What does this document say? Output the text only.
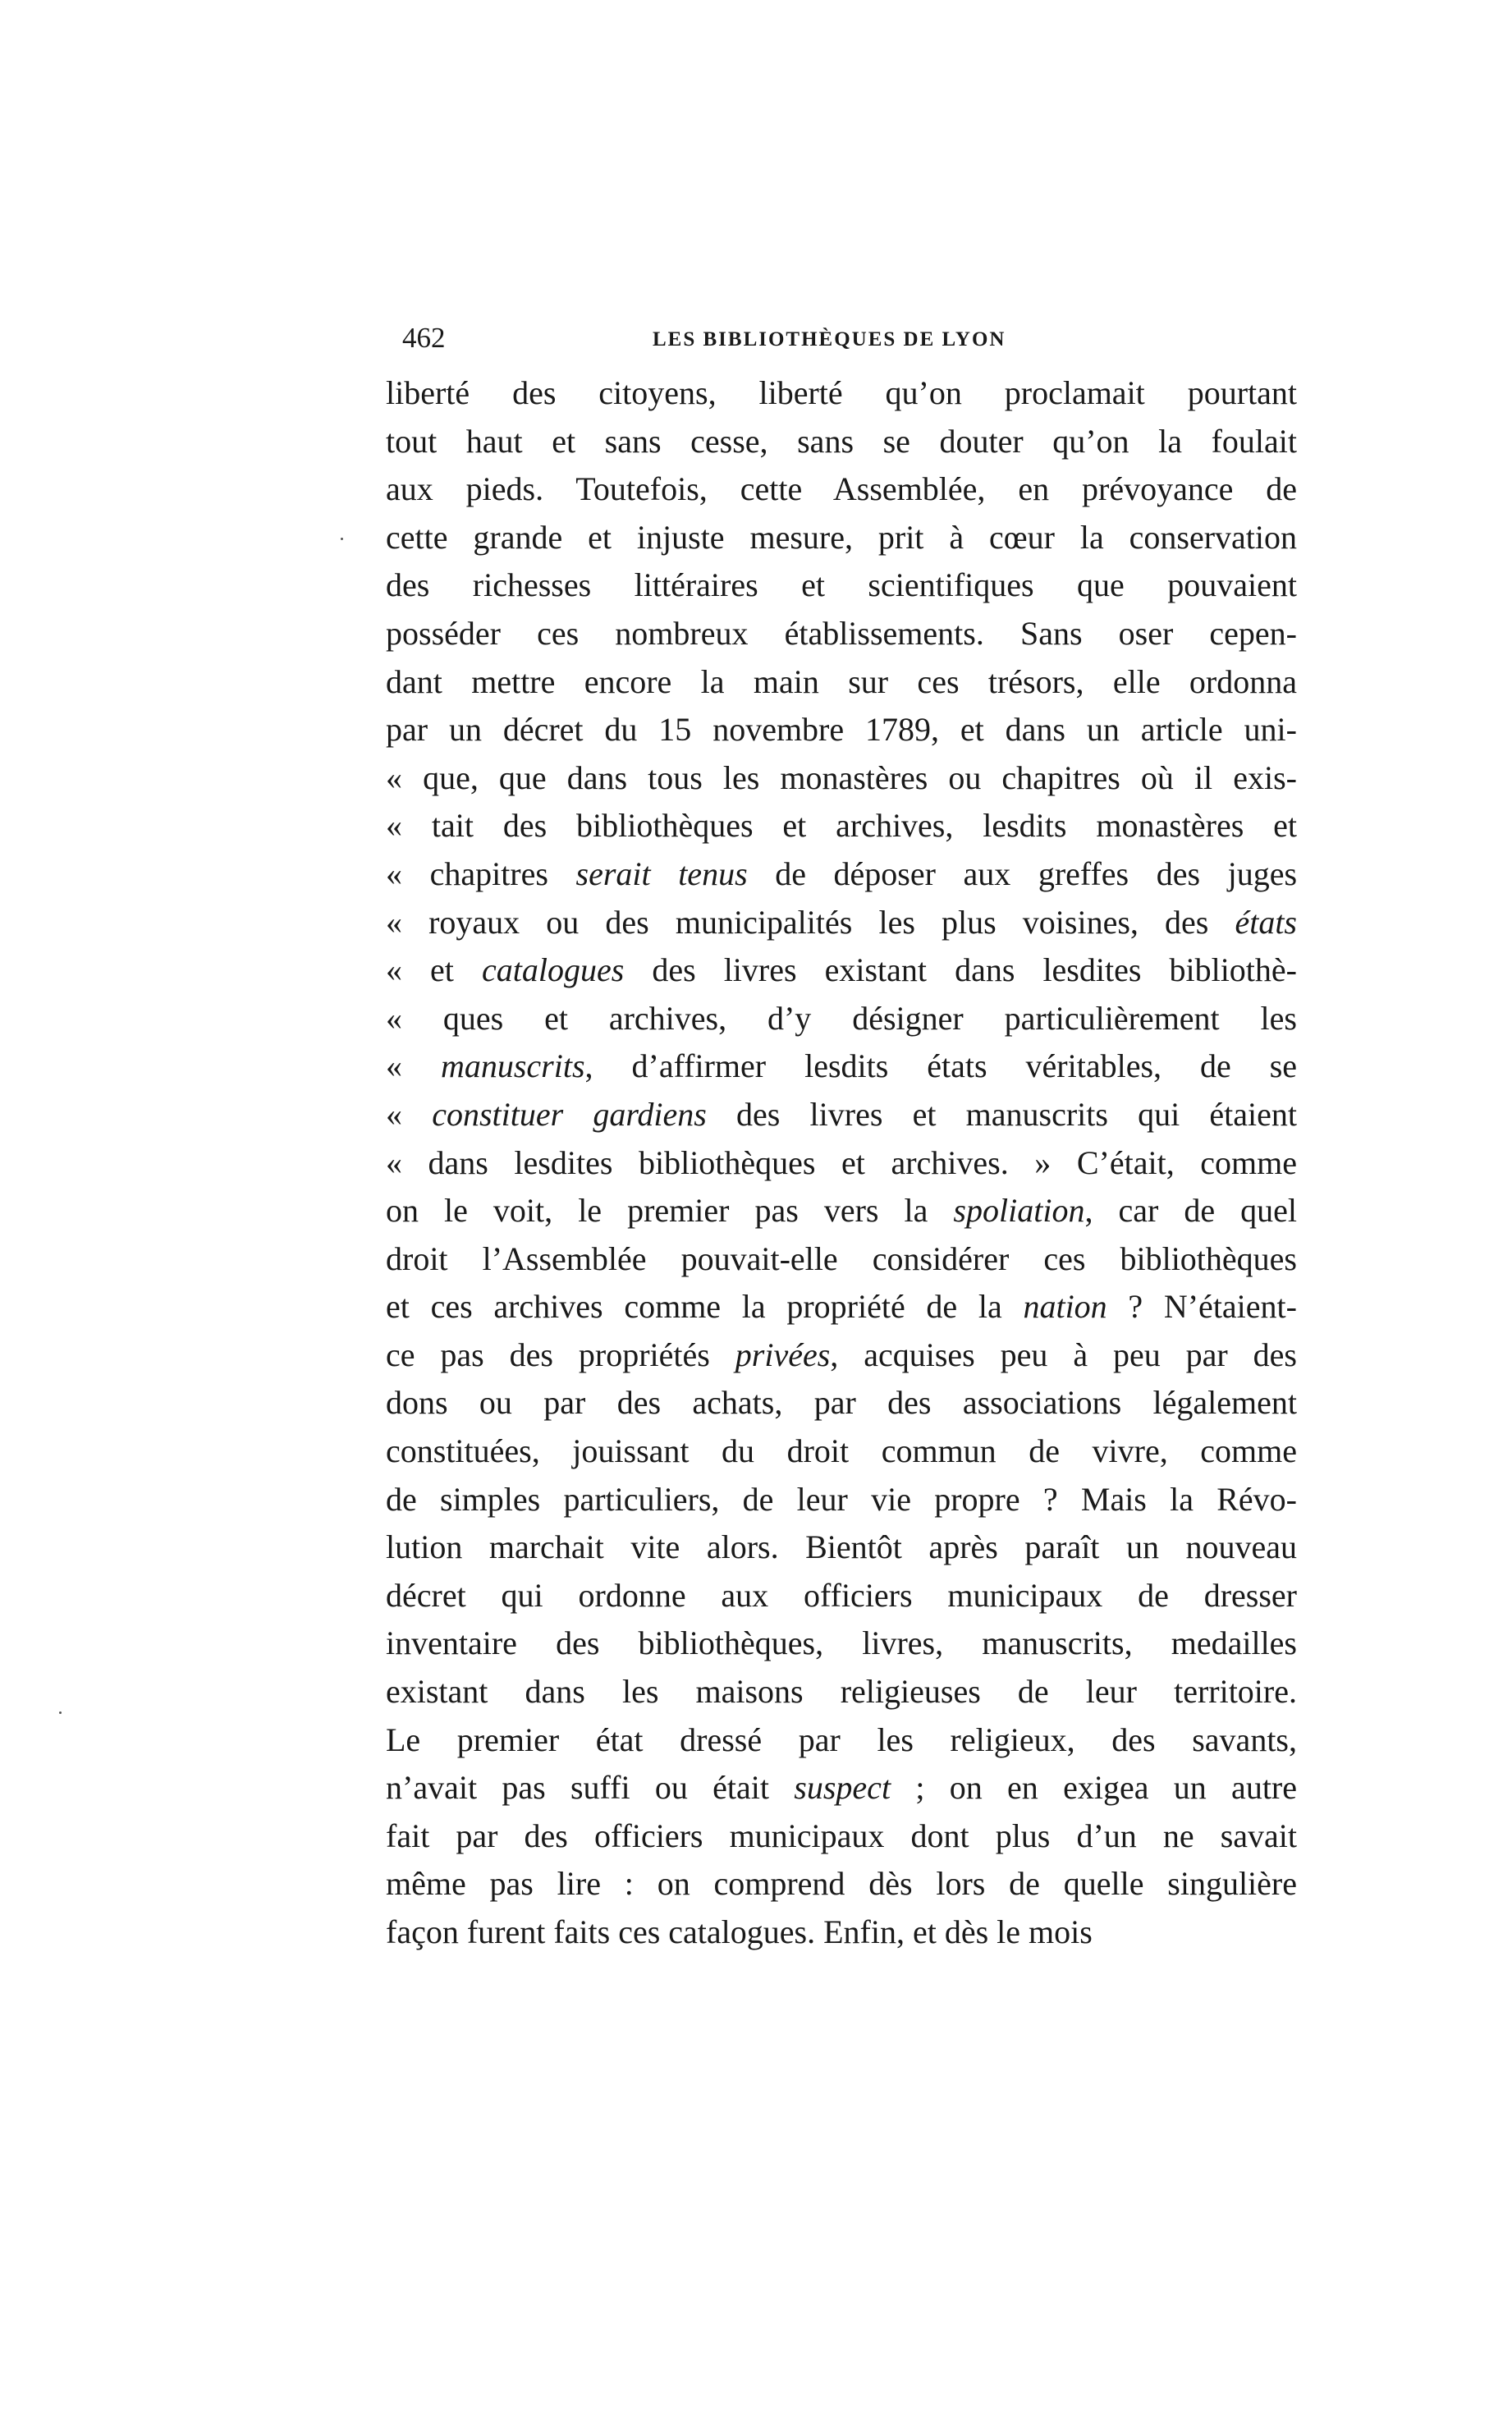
462	LES BIBLIOTHÈQUES DE LYON
liberté des citoyens, liberté qu’on proclamait pourtant
tout haut et sans cesse, sans se douter qu’on la foulait
aux pieds. Toutefois, cette Assemblée, en prévoyance de
cette grande et injuste mesure, prit à cœur la conservation
des richesses littéraires et scientifiques que pouvaient
posséder ces nombreux établissements. Sans oser cepen-
dant mettre encore la main sur ces trésors, elle ordonna
par un décret du 15 novembre 1789, et dans un article uni-
« que, que dans tous les monastères ou chapitres où il exis-
« tait des bibliothèques et archives, lesdits monastères et
« chapitres serait tenus de déposer aux greffes des juges
« royaux ou des municipalités les plus voisines, des états
« et catalogues des livres existant dans lesdites bibliothè-
« ques et archives, d’y désigner particulièrement les
« manuscrits, d’affirmer lesdits états véritables, de se
« constituer gardiens des livres et manuscrits qui étaient
« dans lesdites bibliothèques et archives. » C’était, comme
on le voit, le premier pas vers la spoliation, car de quel
droit l’Assemblée pouvait-elle considérer ces bibliothèques
et ces archives comme la propriété de la nation ? N’étaient-
ce pas des propriétés privées, acquises peu à peu par des
dons ou par des achats, par des associations légalement
constituées, jouissant du droit commun de vivre, comme
de simples particuliers, de leur vie propre ? Mais la Révo-
lution marchait vite alors. Bientôt après paraît un nouveau
décret qui ordonne aux officiers municipaux de dresser
inventaire des bibliothèques, livres, manuscrits, medailles
existant dans les maisons religieuses de leur territoire.
Le premier état dressé par les religieux, des savants,
n’avait pas suffi ou était suspect ; on en exigea un autre
fait par des officiers municipaux dont plus d’un ne savait
même pas lire : on comprend dès lors de quelle singulière
façon furent faits ces catalogues. Enfin, et dès le mois
